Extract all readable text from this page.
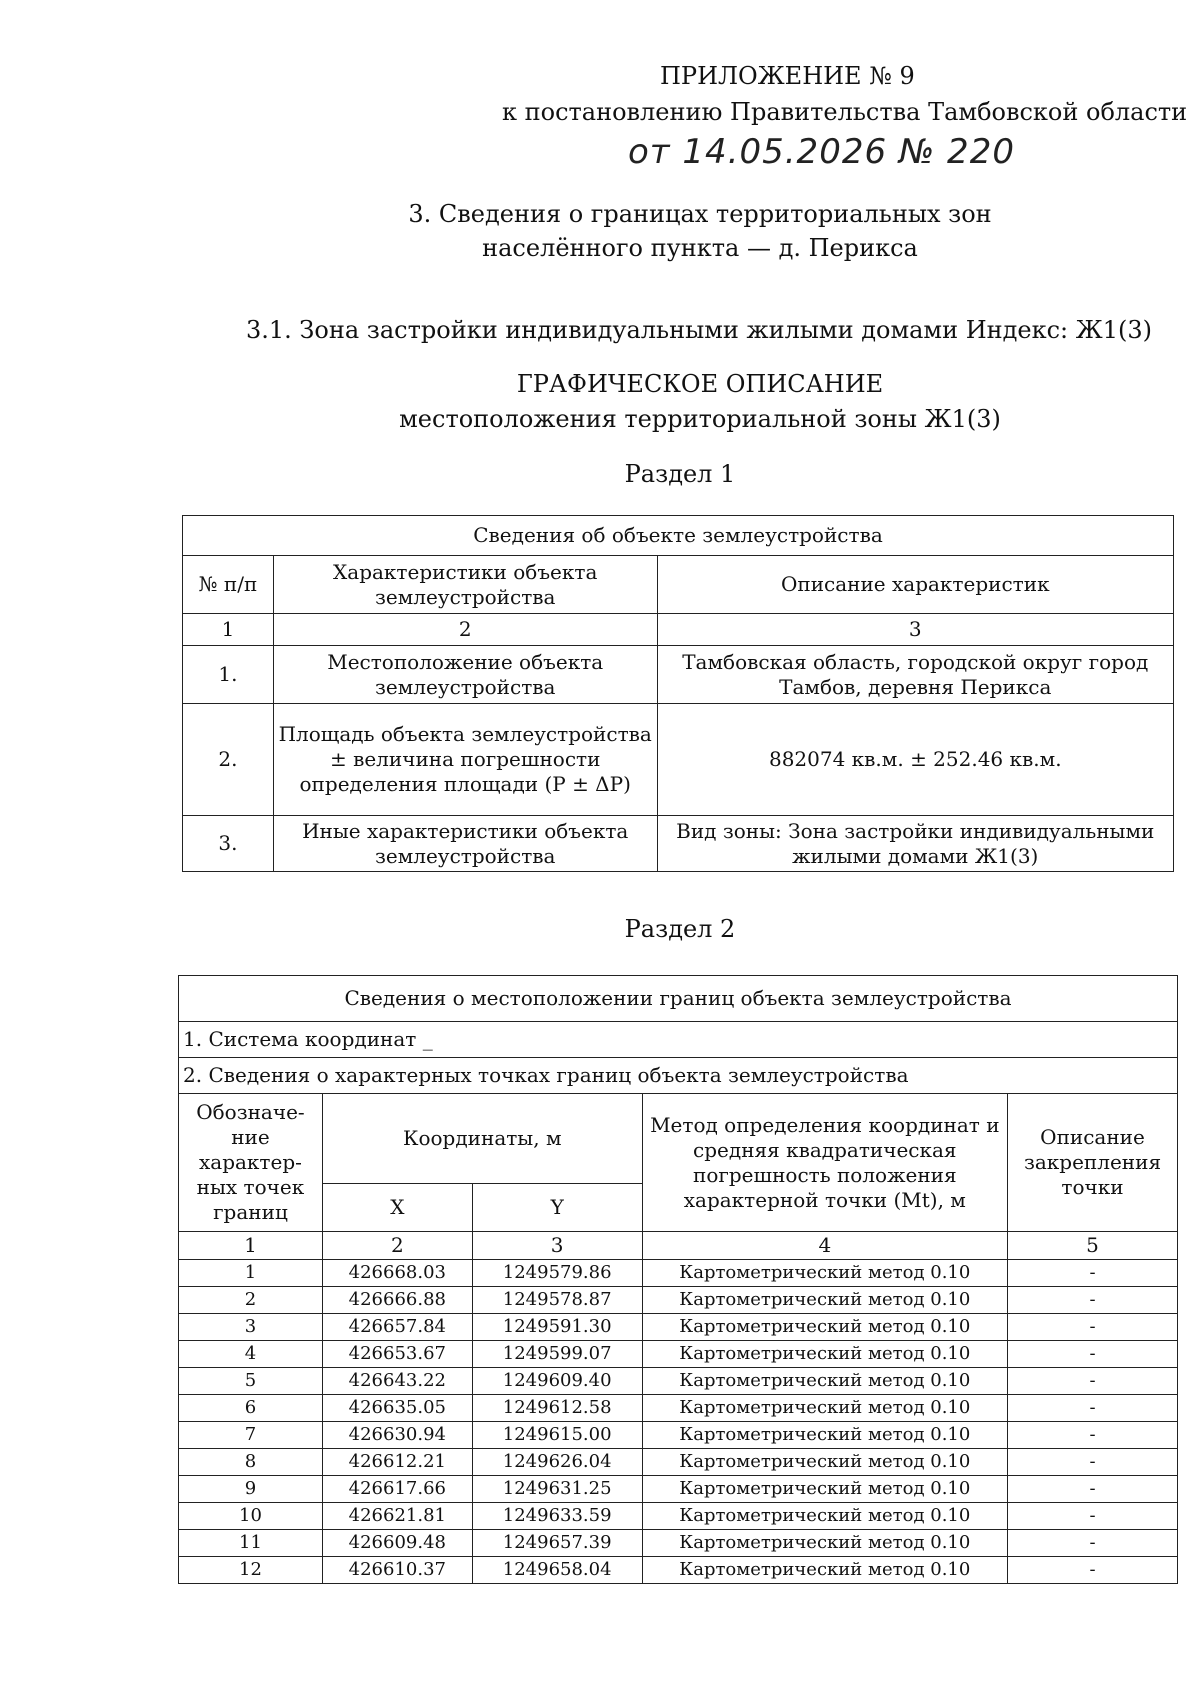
ПРИЛОЖЕНИЕ № 9
к постановлению Правительства Тамбовской области
от 14.05.2026 № 220
3. Сведения о границах территориальных зон
населённого пункта — д. Перикса
3.1. Зона застройки индивидуальными жилыми домами Индекс: Ж1(3)
ГРАФИЧЕСКОЕ ОПИСАНИЕ
местоположения территориальной зоны Ж1(3)
Раздел 1
Сведения об объекте землеустройства		
№ п/п	Характеристики объекта землеустройства	Описание характеристик
1	2	3
1.	Местоположение объекта землеустройства	Тамбовская область, городской округ город Тамбов, деревня Перикса
2.	Площадь объекта землеустройства ± величина погрешности определения площади (P ± ΔP)	882074 кв.м. ± 252.46 кв.м.
3.	Иные характеристики объекта землеустройства	Вид зоны: Зона застройки индивидуальными жилыми домами Ж1(3)
Раздел 2
Сведения о местоположении границ объекта землеустройства				
1. Система координат _				
2. Сведения о характерных точках границ объекта землеустройства				
Обозначе-ние характер-ных точек границ	Координаты, м		Метод определения координат и средняя квадратическая погрешность положения характерной точки (Mt), м	Описание закрепления точки
	X	Y		
1	2	3	4	5
1	426668.03	1249579.86	Картометрический метод 0.10	-
2	426666.88	1249578.87	Картометрический метод 0.10	-
3	426657.84	1249591.30	Картометрический метод 0.10	-
4	426653.67	1249599.07	Картометрический метод 0.10	-
5	426643.22	1249609.40	Картометрический метод 0.10	-
6	426635.05	1249612.58	Картометрический метод 0.10	-
7	426630.94	1249615.00	Картометрический метод 0.10	-
8	426612.21	1249626.04	Картометрический метод 0.10	-
9	426617.66	1249631.25	Картометрический метод 0.10	-
10	426621.81	1249633.59	Картометрический метод 0.10	-
11	426609.48	1249657.39	Картометрический метод 0.10	-
12	426610.37	1249658.04	Картометрический метод 0.10	-
